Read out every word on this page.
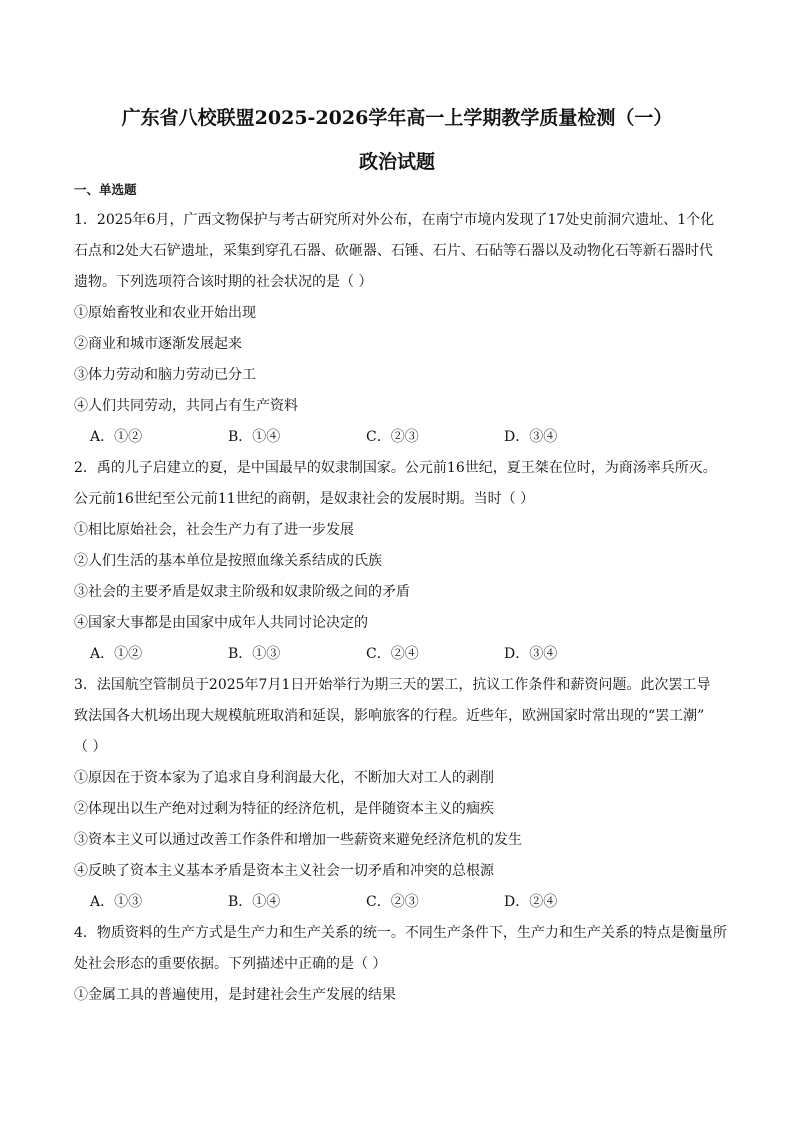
广东省八校联盟2025-2026学年高一上学期教学质量检测（一）
政治试题
一、单选题
1．2025年6月，广西文物保护与考古研究所对外公布，在南宁市境内发现了17处史前洞穴遗址、1个化
石点和2处大石铲遗址，采集到穿孔石器、砍砸器、石锤、石片、石砧等石器以及动物化石等新石器时代
遗物。下列选项符合该时期的社会状况的是（ ）
①原始畜牧业和农业开始出现
②商业和城市逐渐发展起来
③体力劳动和脑力劳动已分工
④人们共同劳动，共同占有生产资料
A．①②	B．①④	C．②③	D．③④
2．禹的儿子启建立的夏，是中国最早的奴隶制国家。公元前16世纪，夏王桀在位时，为商汤率兵所灭。
公元前16世纪至公元前11世纪的商朝，是奴隶社会的发展时期。当时（ ）
①相比原始社会，社会生产力有了进一步发展
②人们生活的基本单位是按照血缘关系结成的氏族
③社会的主要矛盾是奴隶主阶级和奴隶阶级之间的矛盾
④国家大事都是由国家中成年人共同讨论决定的
A．①②	B．①③	C．②④	D．③④
3．法国航空管制员于2025年7月1日开始举行为期三天的罢工，抗议工作条件和薪资问题。此次罢工导
致法国各大机场出现大规模航班取消和延误，影响旅客的行程。近些年，欧洲国家时常出现的“罢工潮”
（ ）
①原因在于资本家为了追求自身利润最大化，不断加大对工人的剥削
②体现出以生产绝对过剩为特征的经济危机，是伴随资本主义的痼疾
③资本主义可以通过改善工作条件和增加一些薪资来避免经济危机的发生
④反映了资本主义基本矛盾是资本主义社会一切矛盾和冲突的总根源
A．①③	B．①④	C．②③	D．②④
4．物质资料的生产方式是生产力和生产关系的统一。不同生产条件下，生产力和生产关系的特点是衡量所
处社会形态的重要依据。下列描述中正确的是（ ）
①金属工具的普遍使用，是封建社会生产发展的结果
